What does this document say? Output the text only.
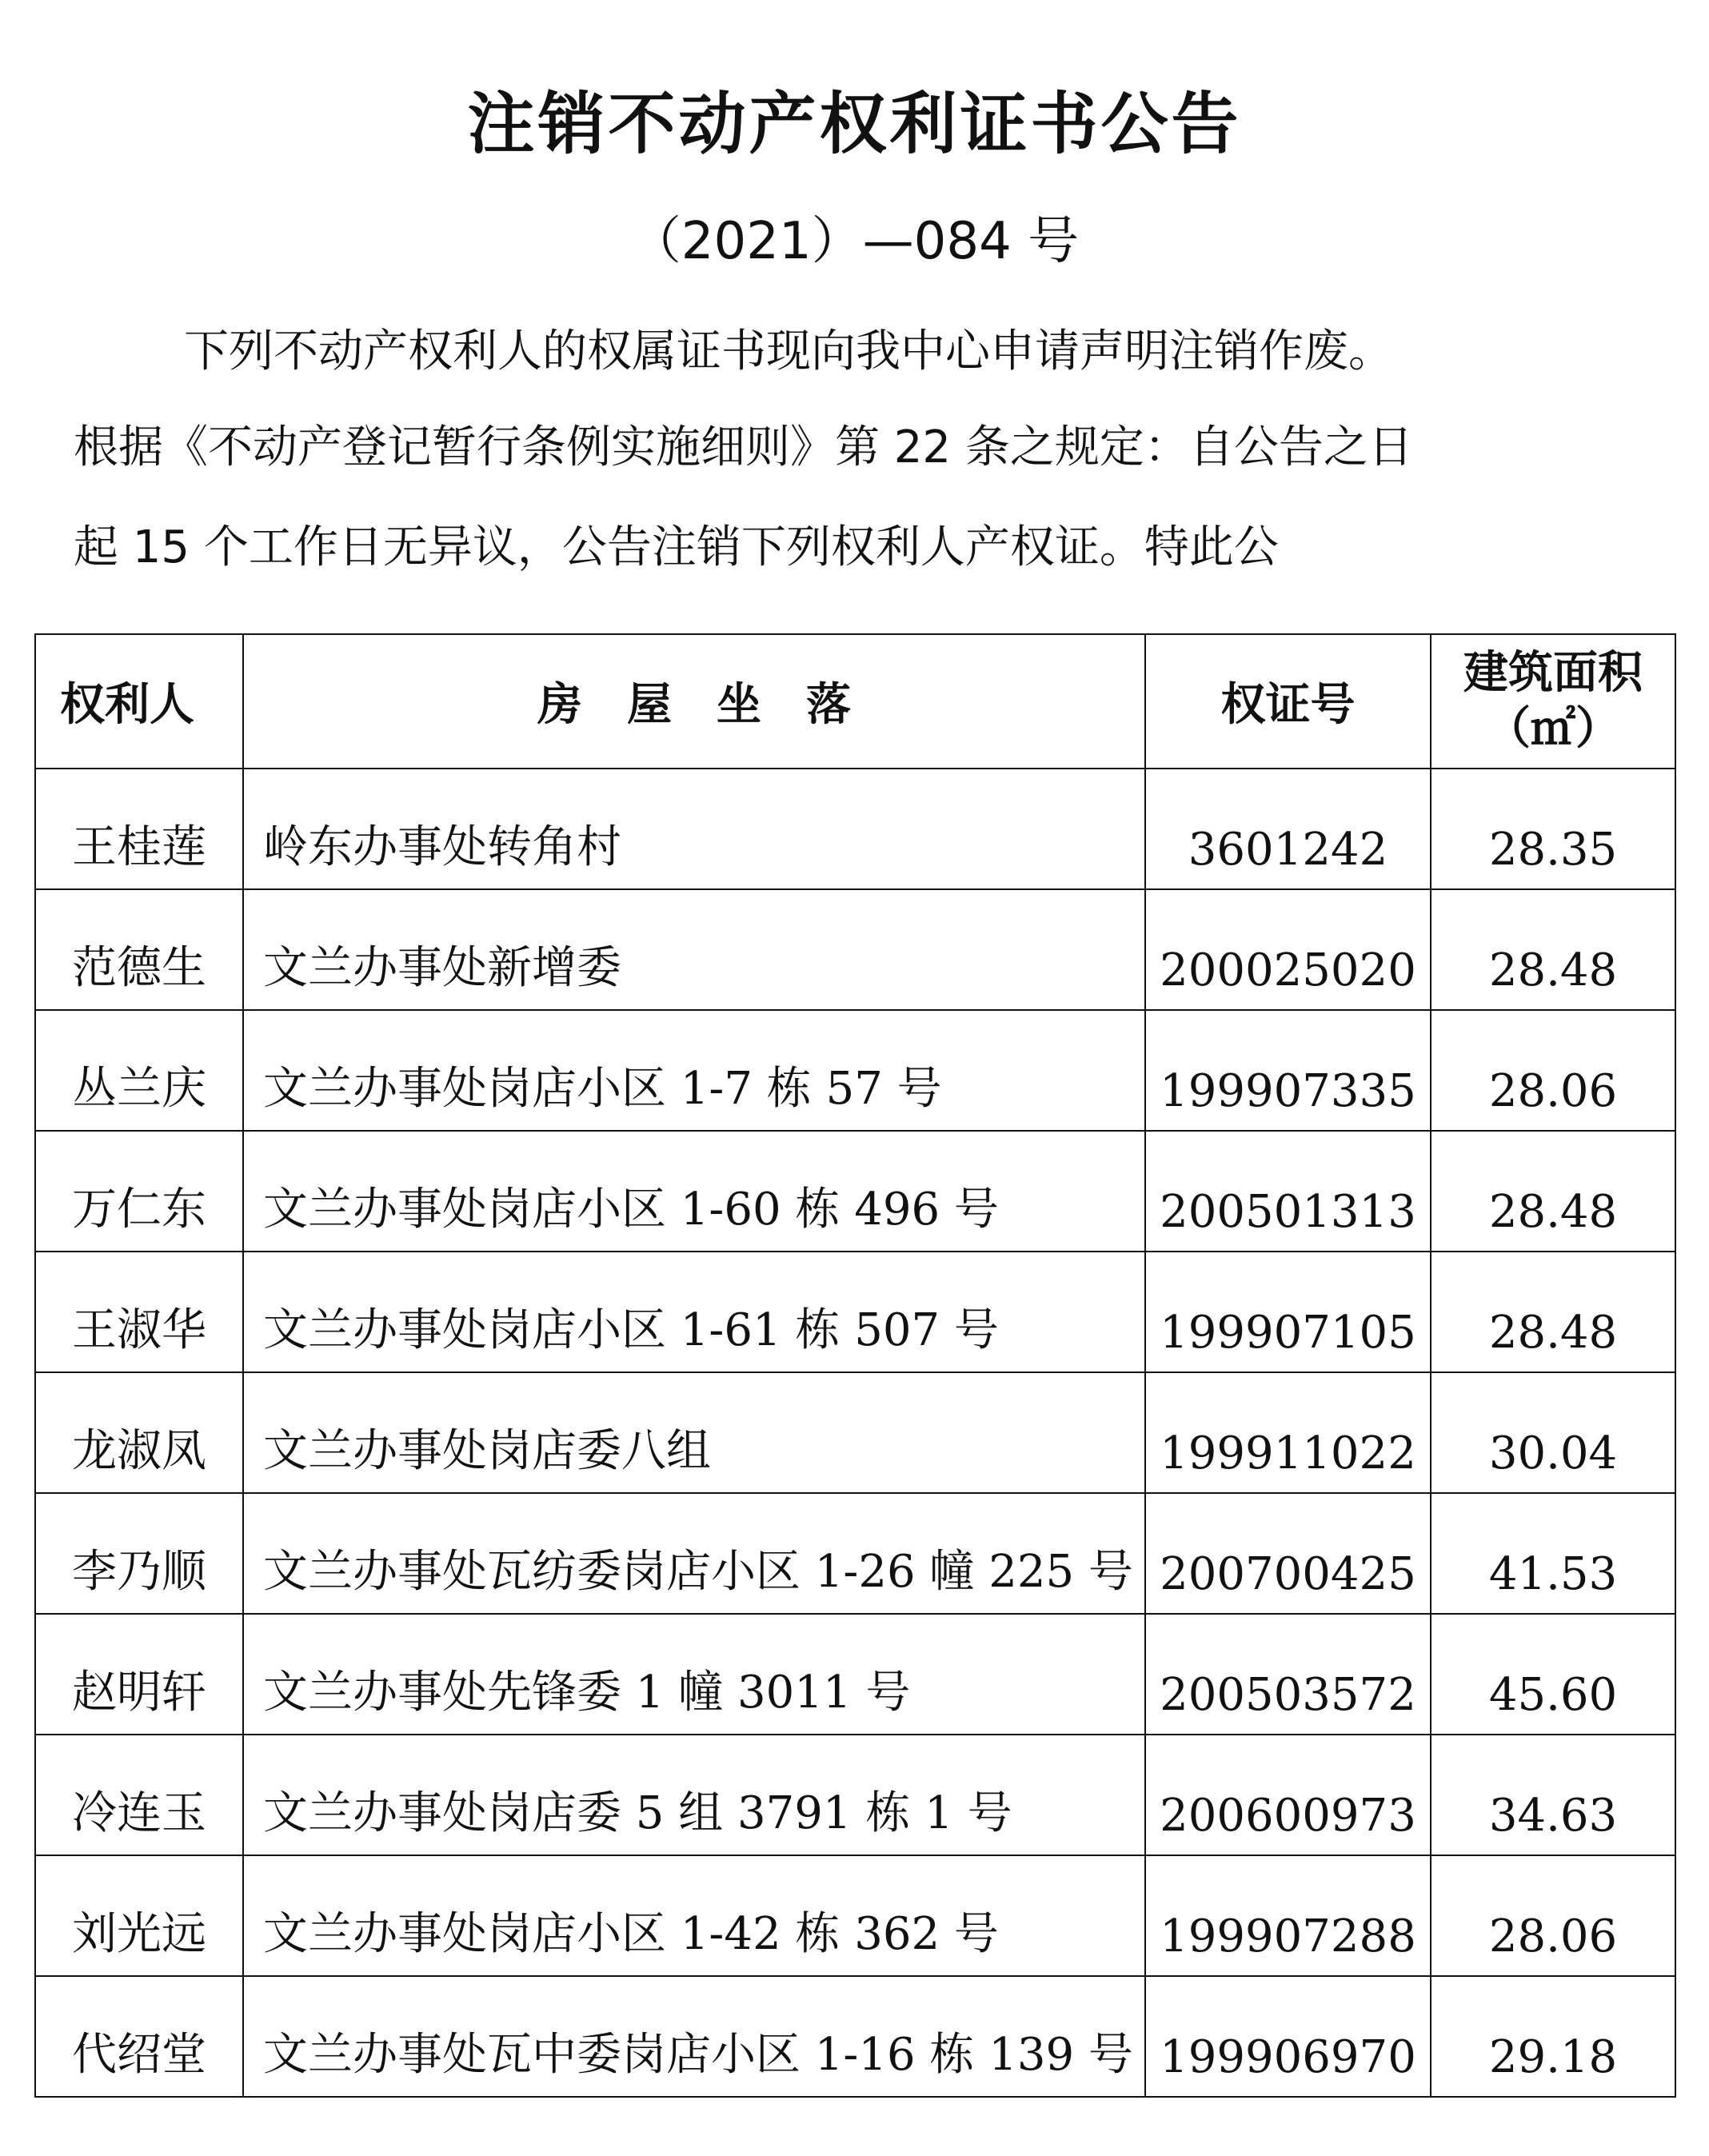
注销不动产权利证书公告
（2021）—084 号
下列不动产权利人的权属证书现向我中心申请声明注销作废。
根据《不动产登记暂行条例实施细则》第 22 条之规定：自公告之日
起 15 个工作日无异议，公告注销下列权利人产权证。特此公
权利人	房　屋　坐　落	权证号	建筑面积
（㎡）

王桂莲	岭东办事处转角村	3601242	28.35
范德生	文兰办事处新增委	200025020	28.48
丛兰庆	文兰办事处岗店小区 1-7 栋 57 号	199907335	28.06
万仁东	文兰办事处岗店小区 1-60 栋 496 号	200501313	28.48
王淑华	文兰办事处岗店小区 1-61 栋 507 号	199907105	28.48
龙淑凤	文兰办事处岗店委八组	199911022	30.04
李乃顺	文兰办事处瓦纺委岗店小区 1-26 幢 225 号	200700425	41.53
赵明轩	文兰办事处先锋委 1 幢 3011 号	200503572	45.60
冷连玉	文兰办事处岗店委 5 组 3791 栋 1 号	200600973	34.63
刘光远	文兰办事处岗店小区 1-42 栋 362 号	199907288	28.06
代绍堂	文兰办事处瓦中委岗店小区 1-16 栋 139 号	199906970	29.18
